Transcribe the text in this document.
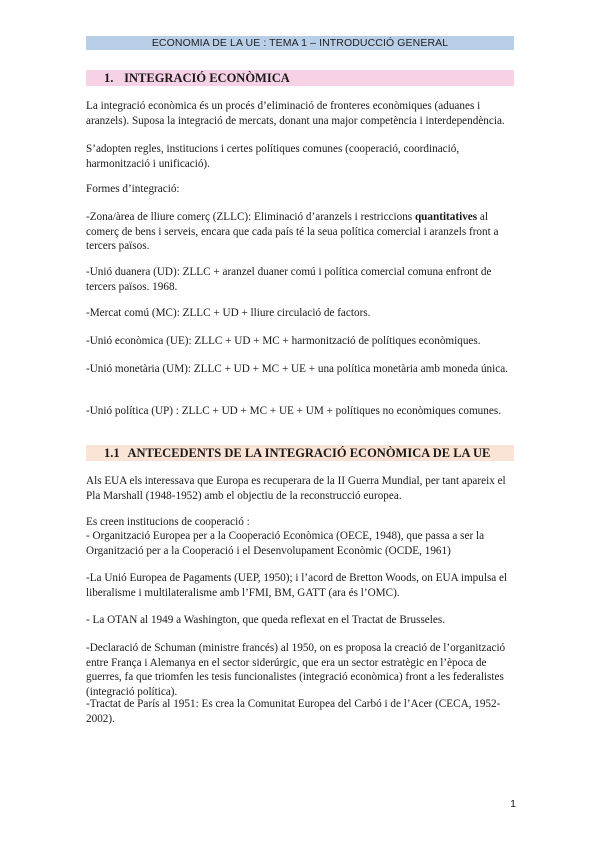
ECONOMIA DE LA UE : TEMA 1 – INTRODUCCIÓ GENERAL
1. INTEGRACIÓ ECONÒMICA

La integració econòmica és un procés d’eliminació de fronteres econòmiques (aduanes i aranzels). Suposa la integració de mercats, donant una major competència i interdependència.

S’adopten regles, institucions i certes polítiques comunes (cooperació, coordinació, harmonització i unificació).

Formes d’integració:

-Zona/àrea de lliure comerç (ZLLC): Eliminació d’aranzels i restriccions quantitatives al comerç de bens i serveis, encara que cada país té la seua política comercial i aranzels front a tercers països.

-Unió duanera (UD): ZLLC + aranzel duaner comú i política comercial comuna enfront de tercers països. 1968.

-Mercat comú (MC): ZLLC + UD + lliure circulació de factors.

-Unió econòmica (UE): ZLLC + UD + MC + harmonització de polítiques econòmiques.

-Unió monetària (UM): ZLLC + UD + MC + UE + una política monetària amb moneda única.

-Unió política (UP) : ZLLC + UD + MC + UE + UM + polítiques no econòmiques comunes.

1.1 ANTECEDENTS DE LA INTEGRACIÓ ECONÒMICA DE LA UE

Als EUA els interessava que Europa es recuperara de la II Guerra Mundial, per tant apareix el Pla Marshall (1948-1952) amb el objectiu de la reconstrucció europea.

Es creen institucions de cooperació :

- Organització Europea per a la Cooperació Econòmica (OECE, 1948), que passa a ser la Organització per a la Cooperació i el Desenvolupament Econòmic (OCDE, 1961)

-La Unió Europea de Pagaments (UEP, 1950); i l’acord de Bretton Woods, on EUA impulsa el liberalisme i multilateralisme amb l’FMI, BM, GATT (ara és l’OMC).

- La OTAN al 1949 a Washington, que queda reflexat en el Tractat de Brusseles.

-Declaració de Schuman (ministre francés) al 1950, on es proposa la creació de l’organització entre França i Alemanya en el sector siderúrgic, que era un sector estratègic en l’època de guerres, fa que triomfen les tesis funcionalistes (integració econòmica) front a les federalistes (integració política).

-Tractat de París al 1951: Es crea la Comunitat Europea del Carbó i de l’Acer (CECA, 1952-2002).

1
